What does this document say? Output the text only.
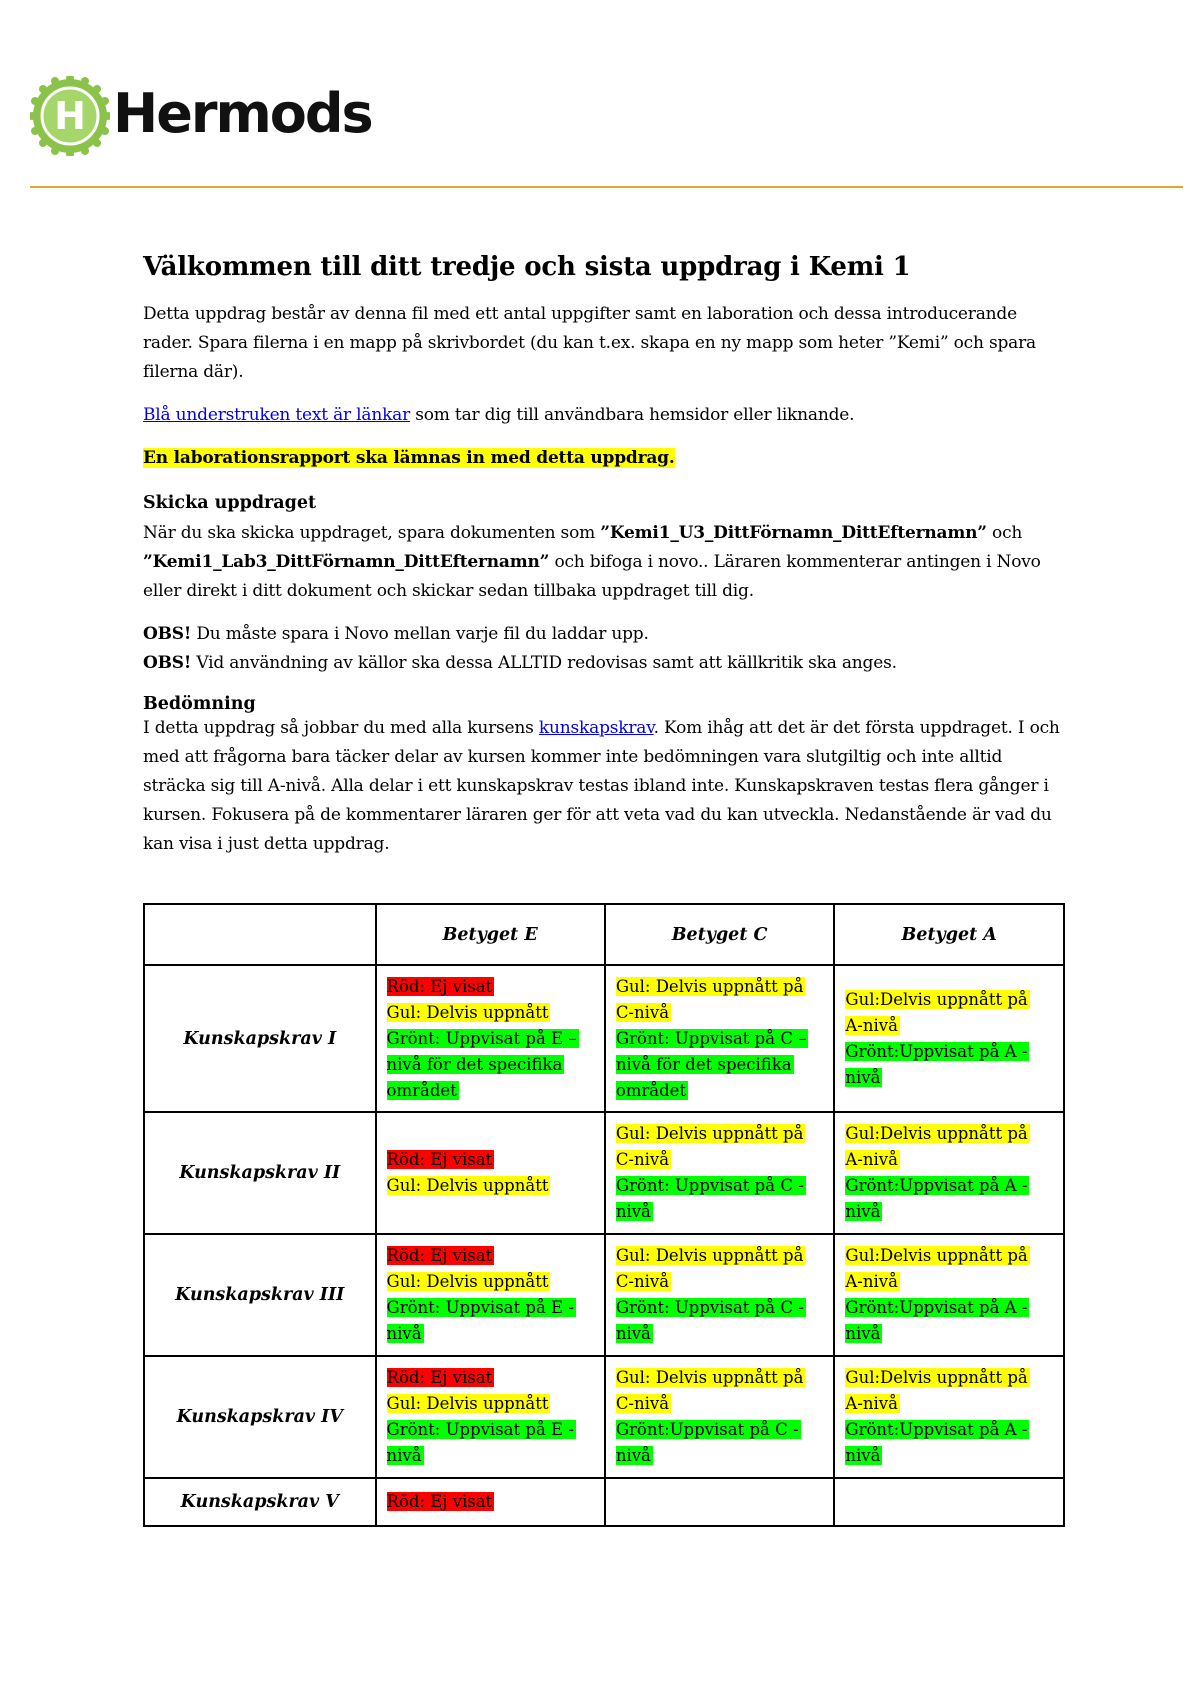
H Hermods
Välkommen till ditt tredje och sista uppdrag i Kemi 1

Detta uppdrag består av denna fil med ett antal uppgifter samt en laboration och dessa introducerande rader. Spara filerna i en mapp på skrivbordet (du kan t.ex. skapa en ny mapp som heter ”Kemi” och spara filerna där).

Blå understruken text är länkar som tar dig till användbara hemsidor eller liknande.

En laborationsrapport ska lämnas in med detta uppdrag.

Skicka uppdraget

När du ska skicka uppdraget, spara dokumenten som ”Kemi1_U3_DittFörnamn_DittEfternamn” och ”Kemi1_Lab3_DittFörnamn_DittEfternamn” och bifoga i novo.. Läraren kommenterar antingen i Novo eller direkt i ditt dokument och skickar sedan tillbaka uppdraget till dig.

OBS! Du måste spara i Novo mellan varje fil du laddar upp.
OBS! Vid användning av källor ska dessa ALLTID redovisas samt att källkritik ska anges.

Bedömning

I detta uppdrag så jobbar du med alla kursens kunskapskrav. Kom ihåg att det är det första uppdraget. I och med att frågorna bara täcker delar av kursen kommer inte bedömningen vara slutgiltig och inte alltid sträcka sig till A-nivå. Alla delar i ett kunskapskrav testas ibland inte. Kunskapskraven testas flera gånger i kursen. Fokusera på de kommentarer läraren ger för att veta vad du kan utveckla. Nedanstående är vad du kan visa i just detta uppdrag.

	Betyget E	Betyget C	Betyget A
Kunskapskrav I	Röd: Ej visat
Gul: Delvis uppnått
Grönt: Uppvisat på E –
nivå för det specifika
området	Gul: Delvis uppnått på
C-nivå
Grönt: Uppvisat på C –
nivå för det specifika
området	Gul:Delvis uppnått på
A-nivå
Grönt:Uppvisat på A -
nivå

Kunskapskrav II	Röd: Ej visat
Gul: Delvis uppnått	Gul: Delvis uppnått på
C-nivå
Grönt: Uppvisat på C -
nivå	Gul:Delvis uppnått på
A-nivå
Grönt:Uppvisat på A -
nivå

Kunskapskrav III	Röd: Ej visat
Gul: Delvis uppnått
Grönt: Uppvisat på E -
nivå	Gul: Delvis uppnått på
C-nivå
Grönt: Uppvisat på C -
nivå	Gul:Delvis uppnått på
A-nivå
Grönt:Uppvisat på A -
nivå

Kunskapskrav IV	Röd: Ej visat
Gul: Delvis uppnått
Grönt: Uppvisat på E -
nivå	Gul: Delvis uppnått på
C-nivå
Grönt:Uppvisat på C -
nivå	Gul:Delvis uppnått på
A-nivå
Grönt:Uppvisat på A -
nivå

Kunskapskrav V	Röd: Ej visat		
